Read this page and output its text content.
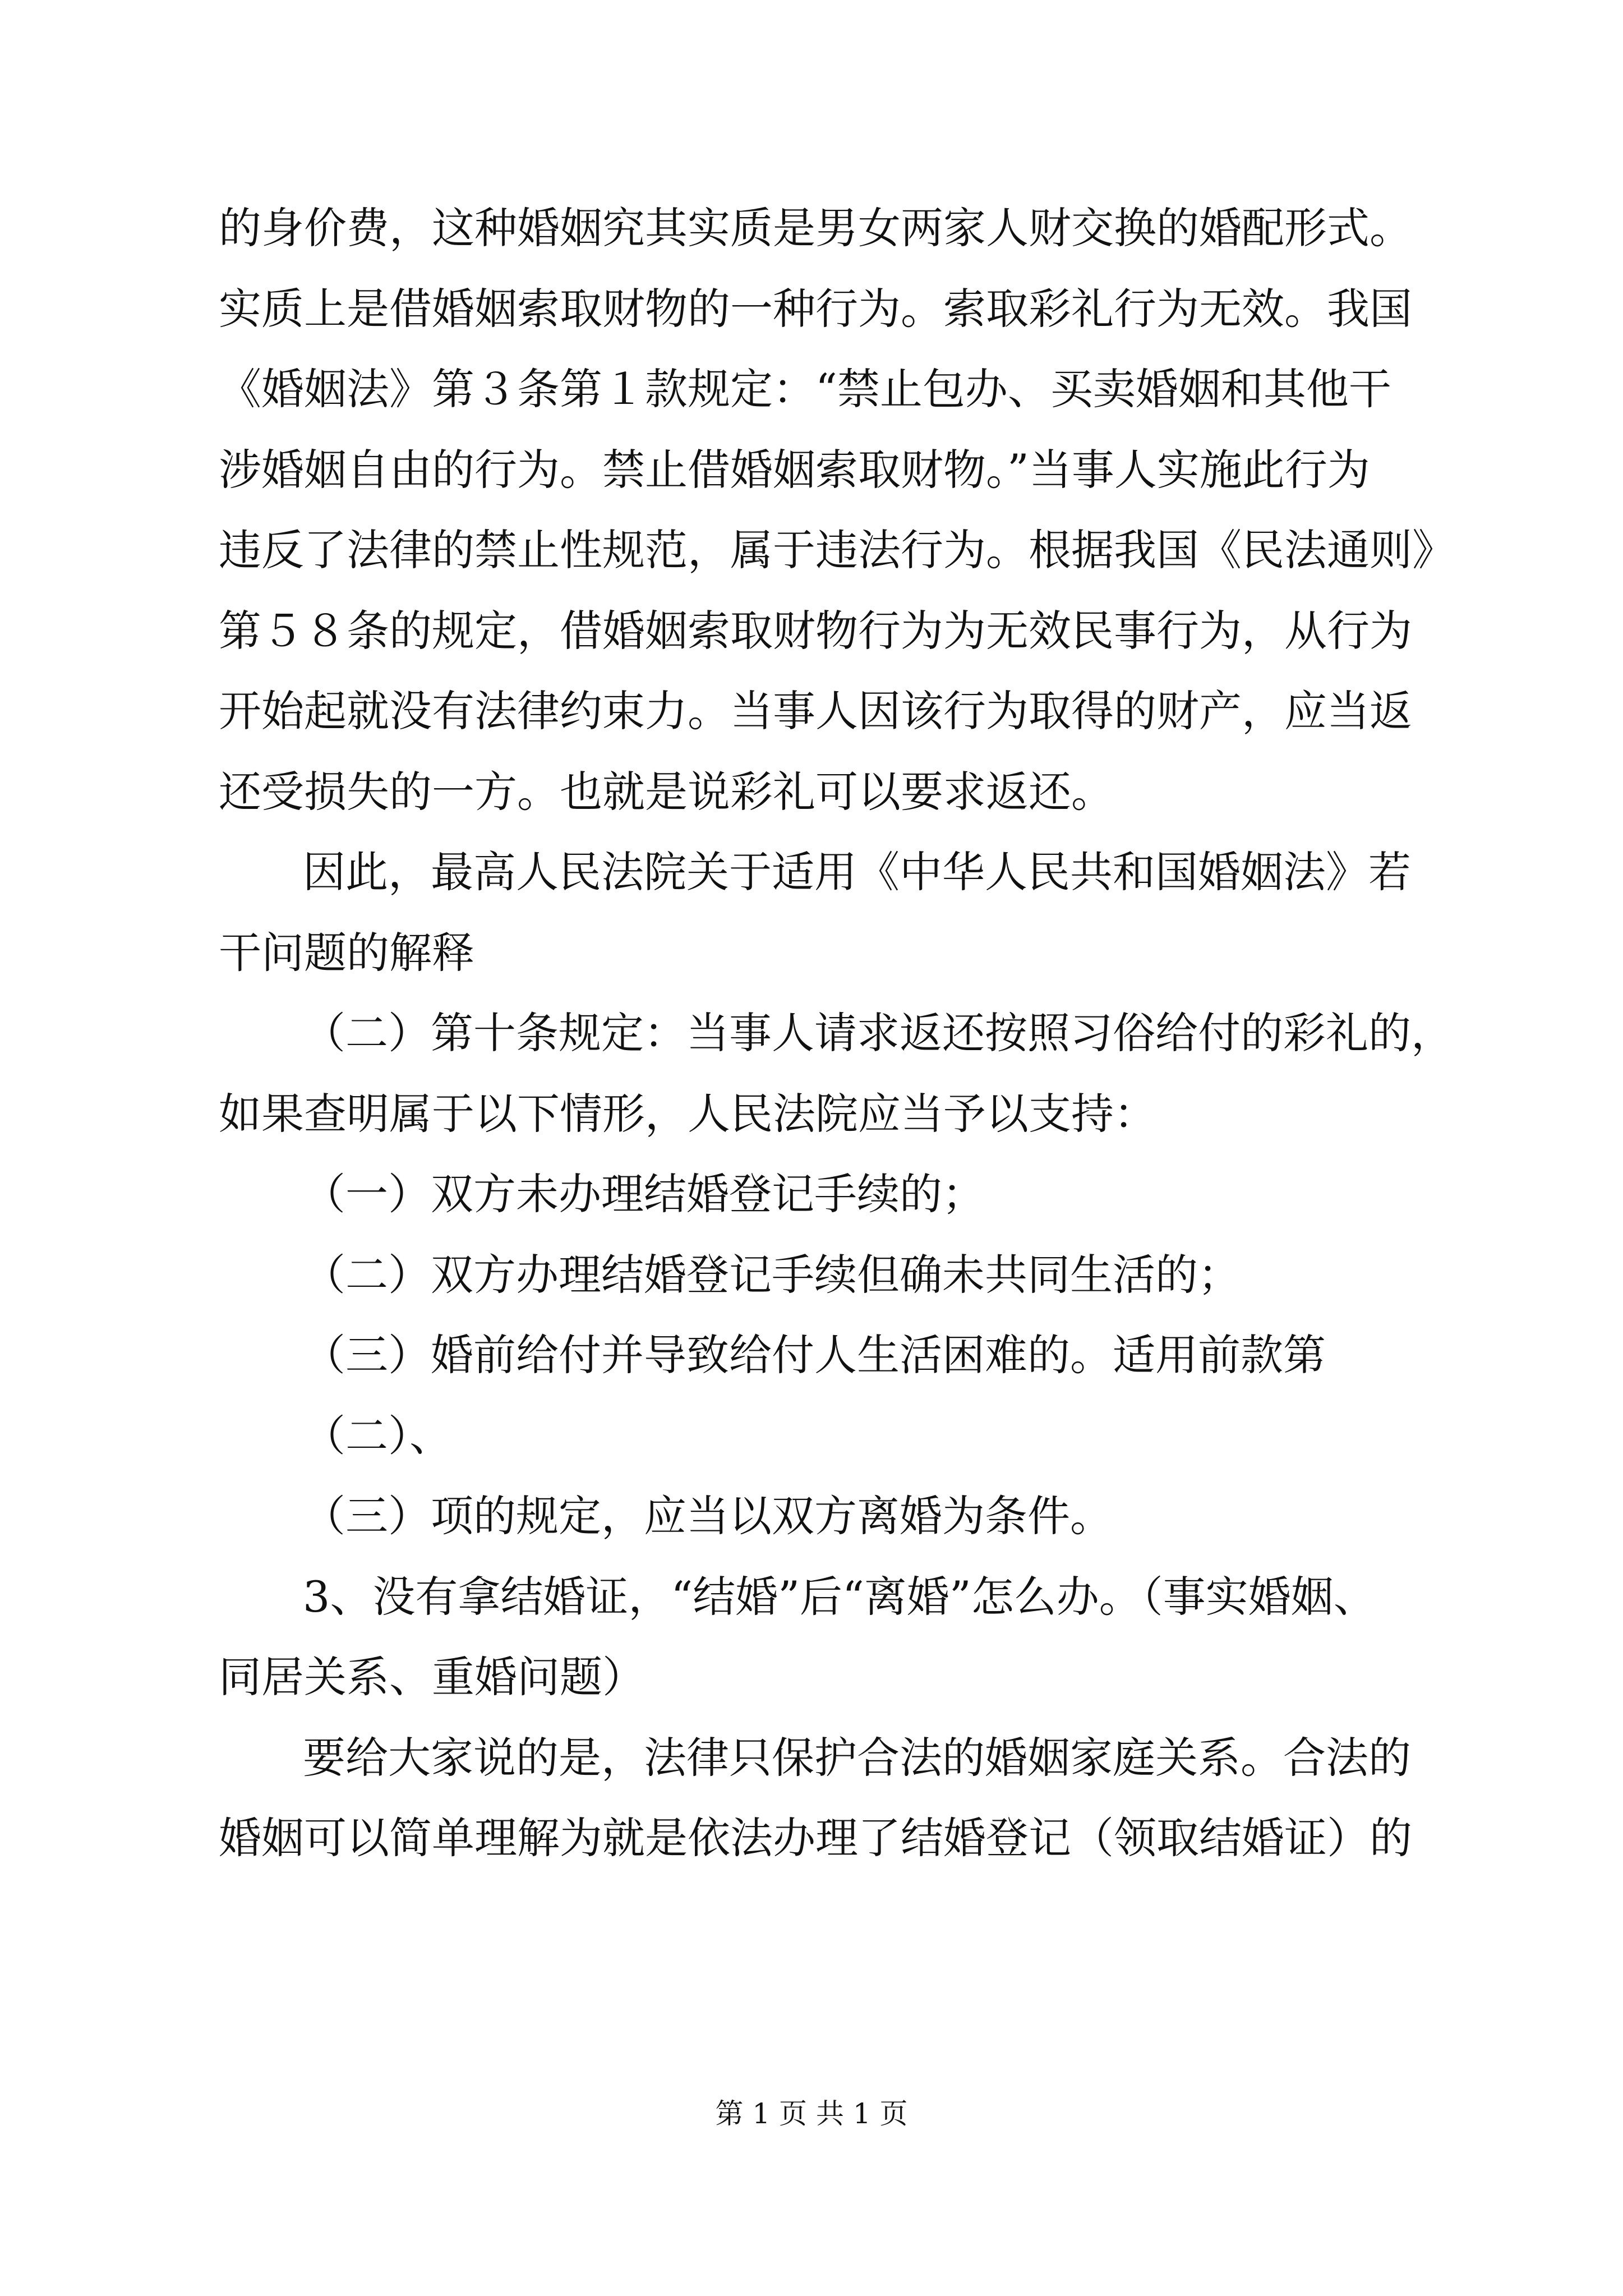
的身价费，这种婚姻究其实质是男女两家人财交换的婚配形式。
实质上是借婚姻索取财物的一种行为。索取彩礼行为无效。我国
《婚姻法》第３条第１款规定：“禁止包办、买卖婚姻和其他干
涉婚姻自由的行为。禁止借婚姻索取财物。”当事人实施此行为
违反了法律的禁止性规范，属于违法行为。根据我国《民法通则》
第５８条的规定，借婚姻索取财物行为为无效民事行为，从行为
开始起就没有法律约束力。当事人因该行为取得的财产，应当返
还受损失的一方。也就是说彩礼可以要求返还。
因此，最高人民法院关于适用《中华人民共和国婚姻法》若
干问题的解释
（二）第十条规定：当事人请求返还按照习俗给付的彩礼的，
如果查明属于以下情形，人民法院应当予以支持：
（一）双方未办理结婚登记手续的；
（二）双方办理结婚登记手续但确未共同生活的；
（三）婚前给付并导致给付人生活困难的。适用前款第
（二）、
（三）项的规定，应当以双方离婚为条件。
3、没有拿结婚证，“结婚”后“离婚”怎么办。（事实婚姻、
同居关系、重婚问题）
要给大家说的是，法律只保护合法的婚姻家庭关系。合法的
婚姻可以简单理解为就是依法办理了结婚登记（领取结婚证）的
第 1 页 共 1 页
